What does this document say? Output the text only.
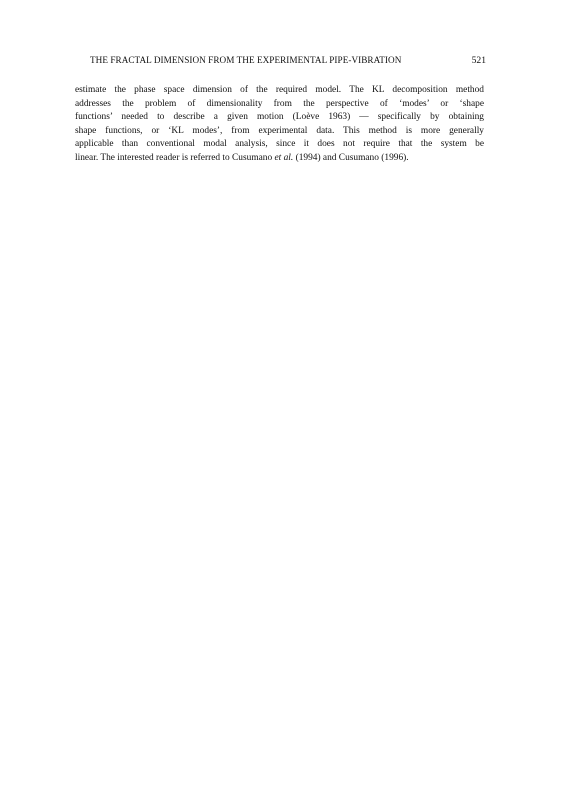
THE FRACTAL DIMENSION FROM THE EXPERIMENTAL PIPE-VIBRATION	521
estimate the phase space dimension of the required model. The KL decomposition method
addresses the problem of dimensionality from the perspective of ‘modes’ or ‘shape
functions’ needed to describe a given motion (Loève 1963) — specifically by obtaining
shape functions, or ‘KL modes’, from experimental data. This method is more generally
applicable than conventional modal analysis, since it does not require that the system be
linear. The interested reader is referred to Cusumano et al. (1994) and Cusumano (1996).
